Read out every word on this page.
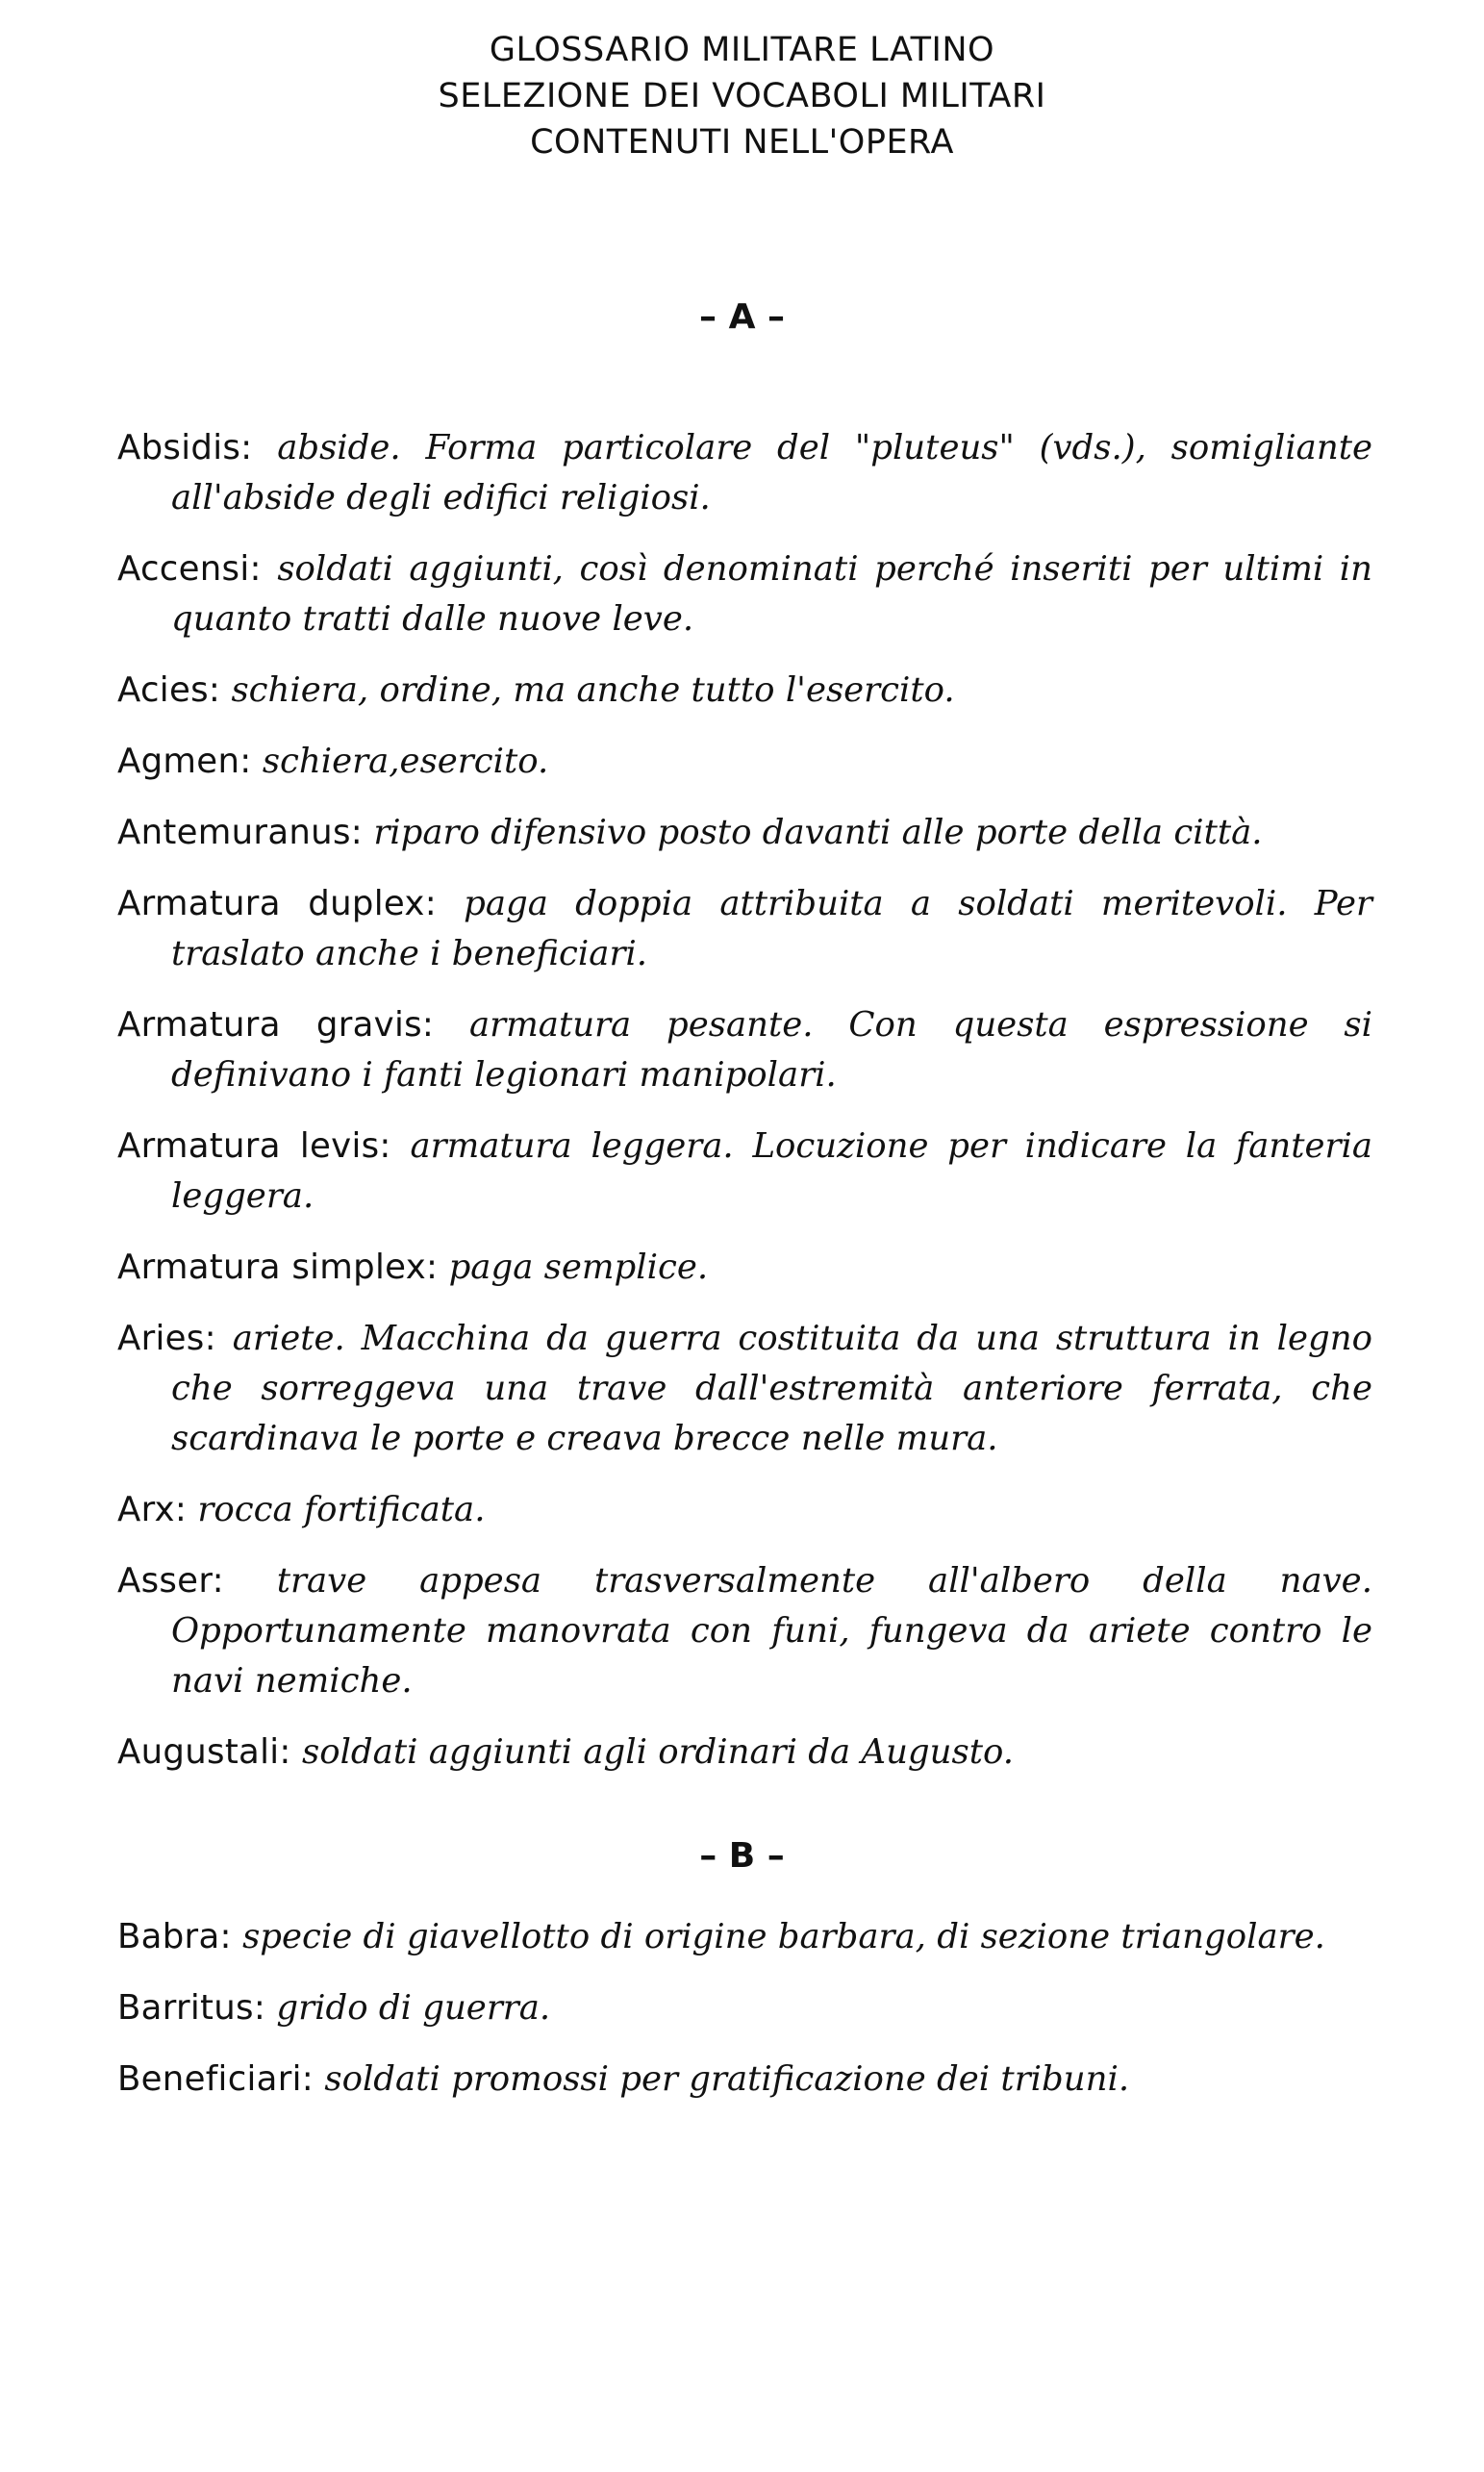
GLOSSARIO MILITARE LATINO
SELEZIONE DEI VOCABOLI MILITARI
CONTENUTI NELL'OPERA
– A –
Absidis: abside. Forma particolare del "pluteus" (vds.), somigliante all'abside degli edifici religiosi.
Accensi: soldati aggiunti, così denominati perché inseriti per ultimi in quanto tratti dalle nuove leve.
Acies: schiera, ordine, ma anche tutto l'esercito.
Agmen: schiera,esercito.
Antemuranus: riparo difensivo posto davanti alle porte della città.
Armatura duplex: paga doppia attribuita a soldati meritevoli. Per traslato anche i beneficiari.
Armatura gravis: armatura pesante. Con questa espressione si definivano i fanti legionari manipolari.
Armatura levis: armatura leggera. Locuzione per indicare la fanteria leggera.
Armatura simplex: paga semplice.
Aries: ariete. Macchina da guerra costituita da una struttura in legno che sorreggeva una trave dall'estremità anteriore ferrata, che scardinava le porte e creava brecce nelle mura.
Arx: rocca fortificata.
Asser: trave appesa trasversalmente all'albero della nave. Opportunamente manovrata con funi, fungeva da ariete contro le navi nemiche.
Augustali: soldati aggiunti agli ordinari da Augusto.
– B –
Babra: specie di giavellotto di origine barbara, di sezione triangolare.
Barritus: grido di guerra.
Beneficiari: soldati promossi per gratificazione dei tribuni.
